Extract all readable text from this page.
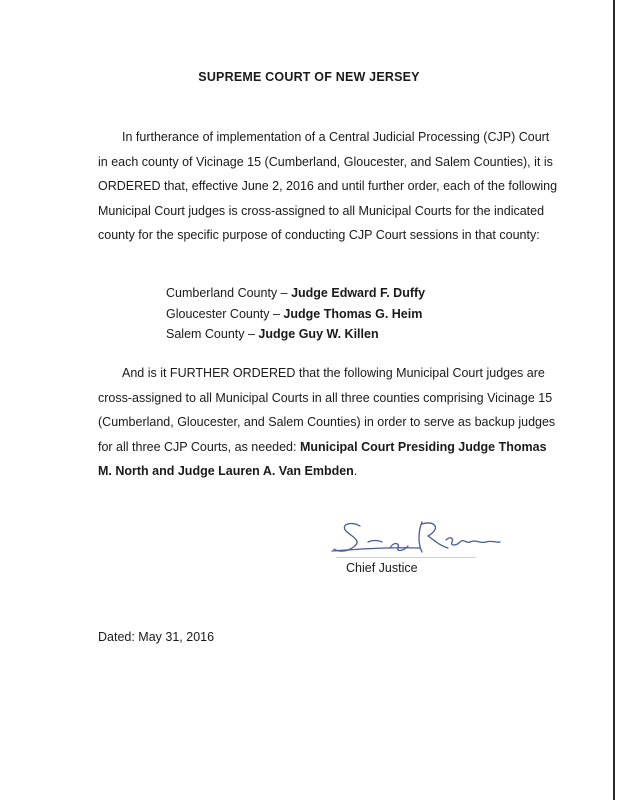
SUPREME COURT OF NEW JERSEY
In furtherance of implementation of a Central Judicial Processing (CJP) Court
in each county of Vicinage 15 (Cumberland, Gloucester, and Salem Counties), it is
ORDERED that, effective June 2, 2016 and until further order, each of the following
Municipal Court judges is cross-assigned to all Municipal Courts for the indicated
county for the specific purpose of conducting CJP Court sessions in that county:
Cumberland County – Judge Edward F. Duffy
Gloucester County – Judge Thomas G. Heim
Salem County – Judge Guy W. Killen
And is it FURTHER ORDERED that the following Municipal Court judges are
cross-assigned to all Municipal Courts in all three counties comprising Vicinage 15
(Cumberland, Gloucester, and Salem Counties) in order to serve as backup judges
for all three CJP Courts, as needed: Municipal Court Presiding Judge Thomas
M. North and Judge Lauren A. Van Embden.
Chief Justice
Dated: May 31, 2016
